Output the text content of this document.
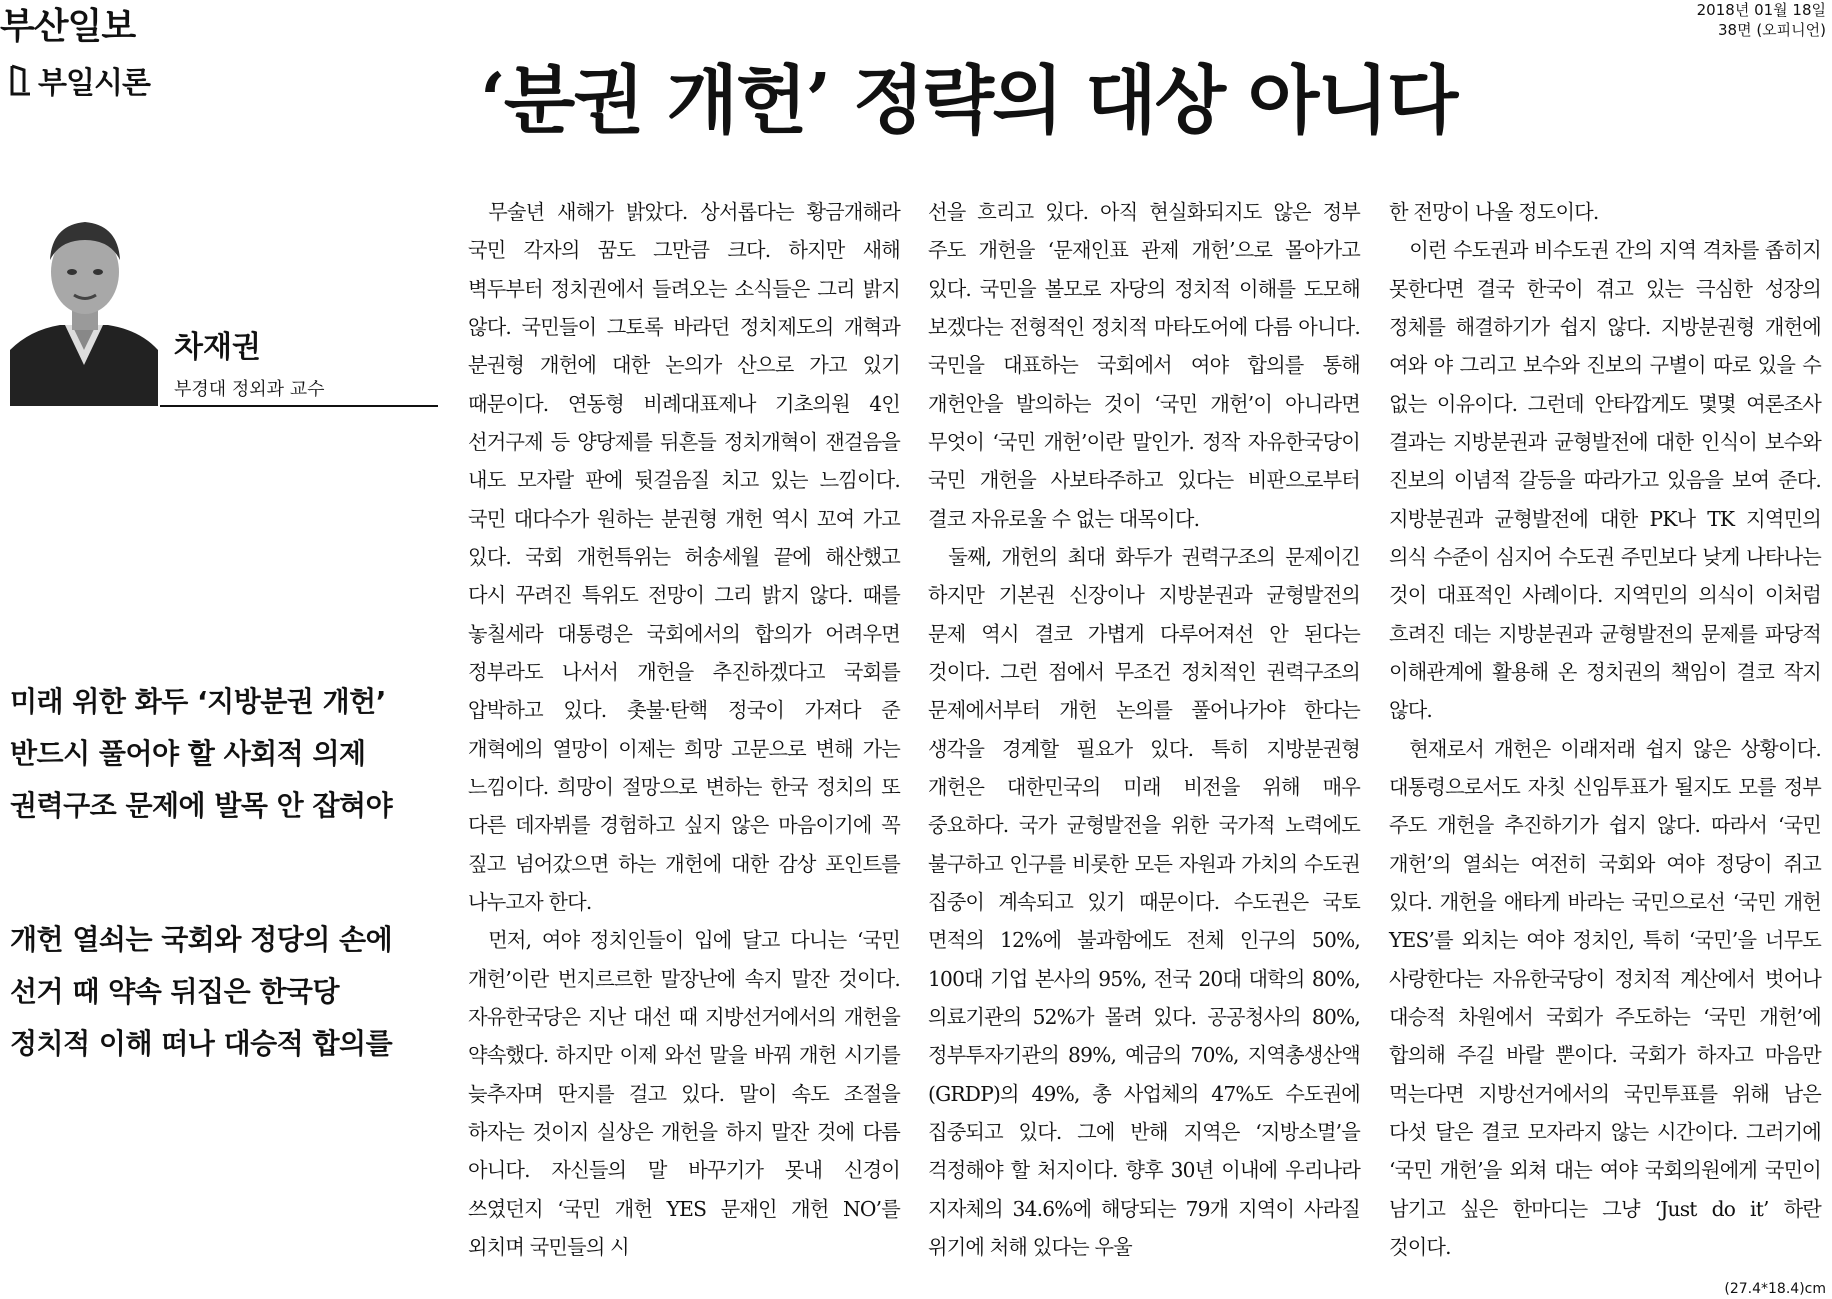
부산일보	2018년 01월 18일
38면 (오피니언)
부일시론	‘분권 개헌’ 정략의 대상 아니다
차재권
부경대 정외과 교수
미래 위한 화두 ‘지방분권 개헌’
반드시 풀어야 할 사회적 의제
권력구조 문제에 발목 안 잡혀야
개헌 열쇠는 국회와 정당의 손에
선거 때 약속 뒤집은 한국당
정치적 이해 떠나 대승적 합의를

무술년 새해가 밝았다. 상서롭다는 황금개해라 국민 각자의 꿈도 그만큼 크다. 하지만 새해 벽두부터 정치권에서 들려오는 소식들은 그리 밝지 않다. 국민들이 그토록 바라던 정치제도의 개혁과 분권형 개헌에 대한 논의가 산으로 가고 있기 때문이다. 연동형 비례대표제나 기초의원 4인 선거구제 등 양당제를 뒤흔들 정치개혁이 잰걸음을 내도 모자랄 판에 뒷걸음질 치고 있는 느낌이다. 국민 대다수가 원하는 분권형 개헌 역시 꼬여 가고 있다. 국회 개헌특위는 허송세월 끝에 해산했고 다시 꾸려진 특위도 전망이 그리 밝지 않다. 때를 놓칠세라 대통령은 국회에서의 합의가 어려우면 정부라도 나서서 개헌을 추진하겠다고 국회를 압박하고 있다. 촛불·탄핵 정국이 가져다 준 개혁에의 열망이 이제는 희망 고문으로 변해 가는 느낌이다. 희망이 절망으로 변하는 한국 정치의 또 다른 데자뷔를 경험하고 싶지 않은 마음이기에 꼭 짚고 넘어갔으면 하는 개헌에 대한 감상 포인트를 나누고자 한다.

먼저, 여야 정치인들이 입에 달고 다니는 ‘국민 개헌’이란 번지르르한 말장난에 속지 말잔 것이다. 자유한국당은 지난 대선 때 지방선거에서의 개헌을 약속했다. 하지만 이제 와선 말을 바꿔 개헌 시기를 늦추자며 딴지를 걸고 있다. 말이 속도 조절을 하자는 것이지 실상은 개헌을 하지 말잔 것에 다름 아니다. 자신들의 말 바꾸기가 못내 신경이 쓰였던지 ‘국민 개헌 YES 문재인 개헌 NO’를 외치며 국민들의 시

선을 흐리고 있다. 아직 현실화되지도 않은 정부 주도 개헌을 ‘문재인표 관제 개헌’으로 몰아가고 있다. 국민을 볼모로 자당의 정치적 이해를 도모해 보겠다는 전형적인 정치적 마타도어에 다름 아니다. 국민을 대표하는 국회에서 여야 합의를 통해 개헌안을 발의하는 것이 ‘국민 개헌’이 아니라면 무엇이 ‘국민 개헌’이란 말인가. 정작 자유한국당이 국민 개헌을 사보타주하고 있다는 비판으로부터 결코 자유로울 수 없는 대목이다.

둘째, 개헌의 최대 화두가 권력구조의 문제이긴 하지만 기본권 신장이나 지방분권과 균형발전의 문제 역시 결코 가볍게 다루어져선 안 된다는 것이다. 그런 점에서 무조건 정치적인 권력구조의 문제에서부터 개헌 논의를 풀어나가야 한다는 생각을 경계할 필요가 있다. 특히 지방분권형 개헌은 대한민국의 미래 비전을 위해 매우 중요하다. 국가 균형발전을 위한 국가적 노력에도 불구하고 인구를 비롯한 모든 자원과 가치의 수도권 집중이 계속되고 있기 때문이다. 수도권은 국토 면적의 12%에 불과함에도 전체 인구의 50%, 100대 기업 본사의 95%, 전국 20대 대학의 80%, 의료기관의 52%가 몰려 있다. 공공청사의 80%, 정부투자기관의 89%, 예금의 70%, 지역총생산액(GRDP)의 49%, 총 사업체의 47%도 수도권에 집중되고 있다. 그에 반해 지역은 ‘지방소멸’을 걱정해야 할 처지이다. 향후 30년 이내에 우리나라 지자체의 34.6%에 해당되는 79개 지역이 사라질 위기에 처해 있다는 우울

한 전망이 나올 정도이다.

이런 수도권과 비수도권 간의 지역 격차를 좁히지 못한다면 결국 한국이 겪고 있는 극심한 성장의 정체를 해결하기가 쉽지 않다. 지방분권형 개헌에 여와 야 그리고 보수와 진보의 구별이 따로 있을 수 없는 이유이다. 그런데 안타깝게도 몇몇 여론조사 결과는 지방분권과 균형발전에 대한 인식이 보수와 진보의 이념적 갈등을 따라가고 있음을 보여 준다. 지방분권과 균형발전에 대한 PK나 TK 지역민의 의식 수준이 심지어 수도권 주민보다 낮게 나타나는 것이 대표적인 사례이다. 지역민의 의식이 이처럼 흐려진 데는 지방분권과 균형발전의 문제를 파당적 이해관계에 활용해 온 정치권의 책임이 결코 작지 않다.

현재로서 개헌은 이래저래 쉽지 않은 상황이다. 대통령으로서도 자칫 신임투표가 될지도 모를 정부 주도 개헌을 추진하기가 쉽지 않다. 따라서 ‘국민 개헌’의 열쇠는 여전히 국회와 여야 정당이 쥐고 있다. 개헌을 애타게 바라는 국민으로선 ‘국민 개헌 YES’를 외치는 여야 정치인, 특히 ‘국민’을 너무도 사랑한다는 자유한국당이 정치적 계산에서 벗어나 대승적 차원에서 국회가 주도하는 ‘국민 개헌’에 합의해 주길 바랄 뿐이다. 국회가 하자고 마음만 먹는다면 지방선거에서의 국민투표를 위해 남은 다섯 달은 결코 모자라지 않는 시간이다. 그러기에 ‘국민 개헌’을 외쳐 대는 여야 국회의원에게 국민이 남기고 싶은 한마디는 그냥 ‘Just do it’ 하란 것이다.

(27.4*18.4)cm
